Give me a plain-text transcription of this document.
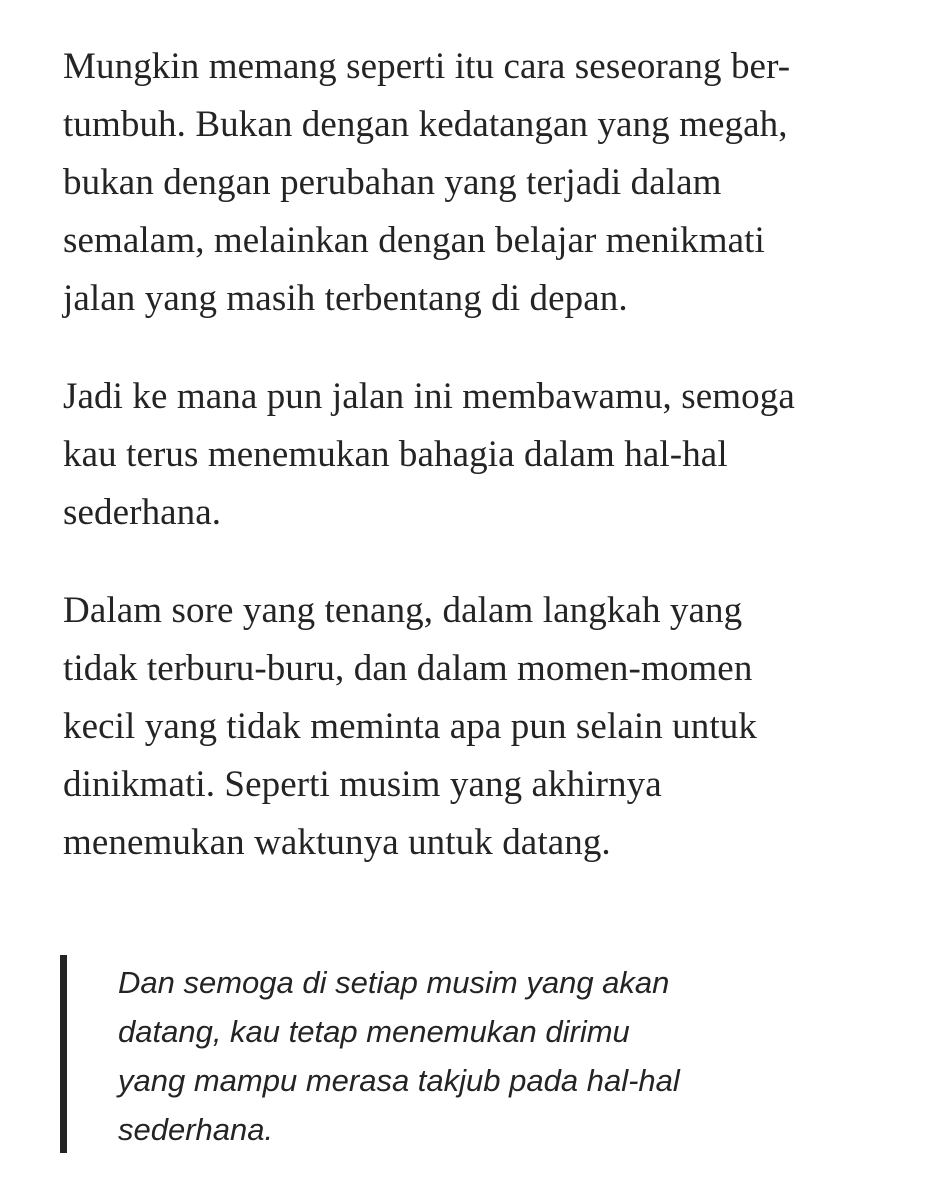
Mungkin memang seperti itu cara seseorang ber-
tumbuh. Bukan dengan kedatangan yang megah,
bukan dengan perubahan yang terjadi dalam
semalam, melainkan dengan belajar menikmati
jalan yang masih terbentang di depan.

Jadi ke mana pun jalan ini membawamu, semoga
kau terus menemukan bahagia dalam hal-hal
sederhana.

Dalam sore yang tenang, dalam langkah yang
tidak terburu-buru, dan dalam momen-momen
kecil yang tidak meminta apa pun selain untuk
dinikmati. Seperti musim yang akhirnya
menemukan waktunya untuk datang.

Dan semoga di setiap musim yang akan
datang, kau tetap menemukan dirimu
yang mampu merasa takjub pada hal-hal
sederhana.
